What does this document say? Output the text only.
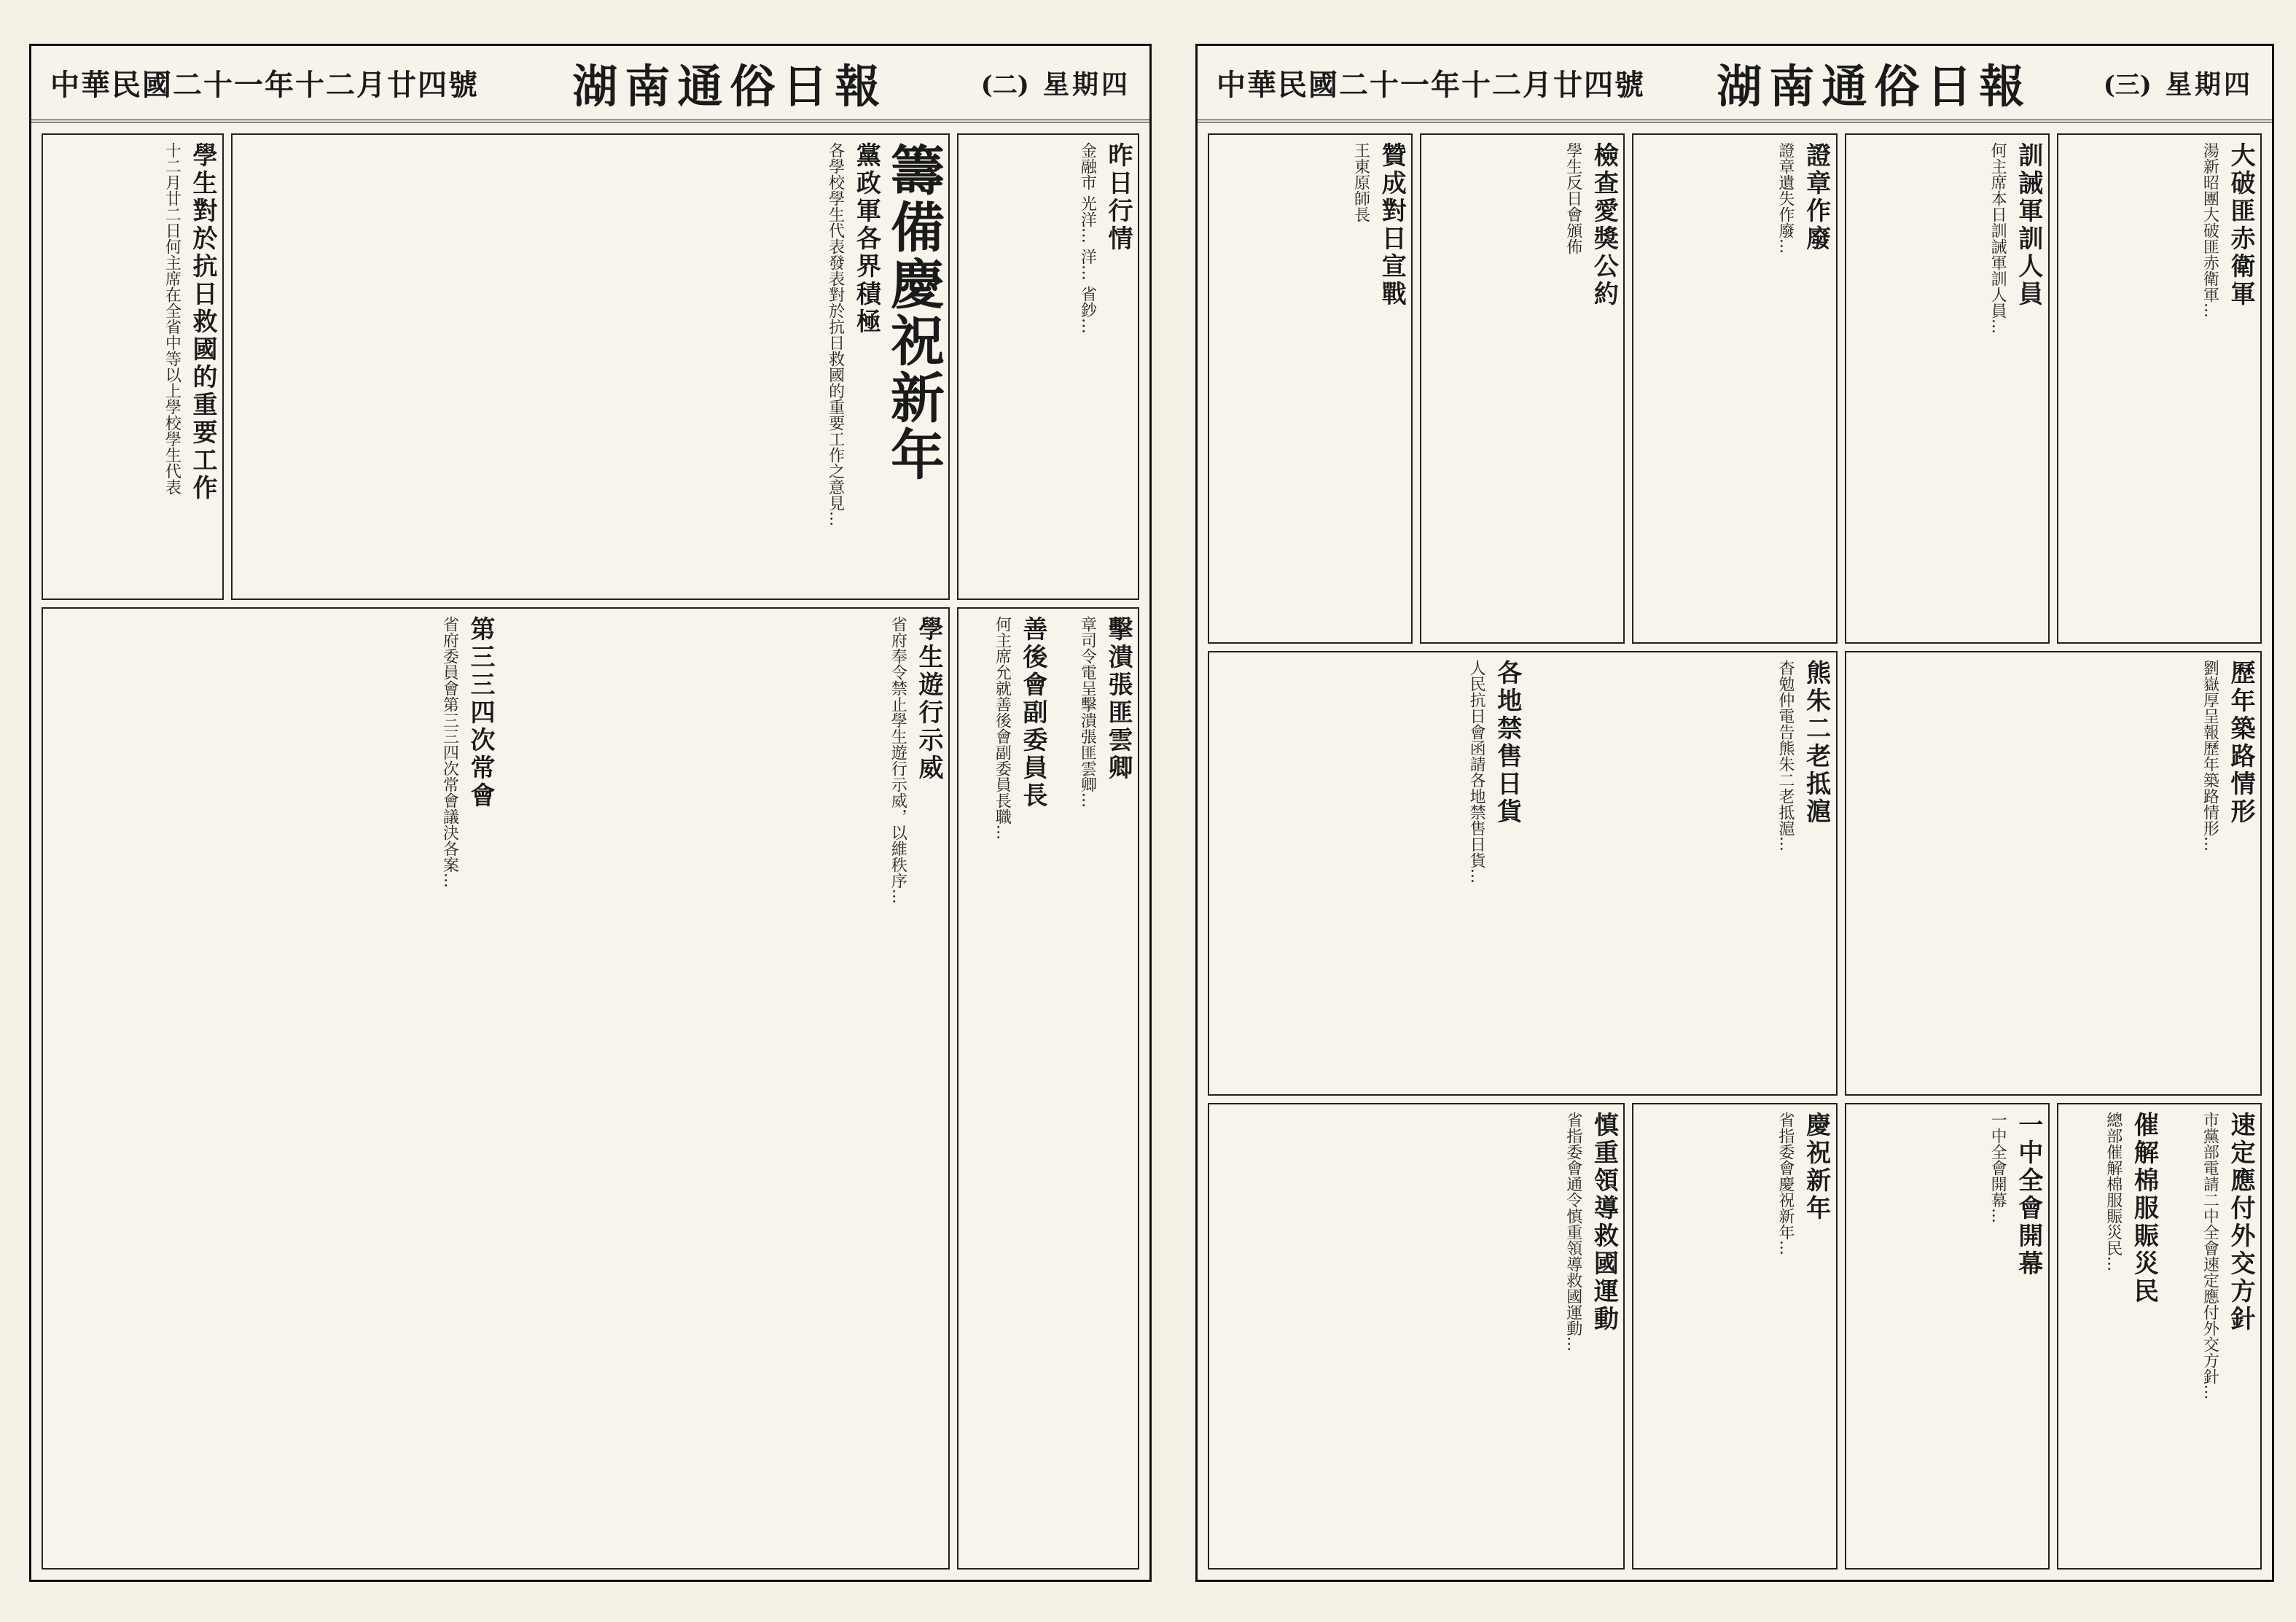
中華民國二十一年十二月廿四號 湖南通俗日報	(二) 星期四
學生對於抗日救國的重要工作
十二月廿二日何主席在全省中等以上學校學生代表	籌備慶祝新年
黨政軍各界積極
各學校學生代表發表對於抗日救國的重要工作之意見...	昨日行情
金融市 光洋… 洋… 省鈔…
學生遊行示威
省府奉令禁止學生遊行示威，以維秩序...
第三三四次常會
省府委員會第三三四次常會議決各案...	擊潰張匪雲卿
章司令電呈擊潰張匪雲卿...
善後會副委員長
何主席允就善後會副委員長職...
中華民國二十一年十二月廿四號 湖南通俗日報	(三) 星期四
贊成對日宣戰
王東原師長	檢查愛獎公約
學生反日會頒佈	證章作廢
證章遺失作廢...	訓誡軍訓人員
何主席本日訓誡軍訓人員...	大破匪赤衛軍
湯新昭團大破匪赤衛軍...
熊朱二老抵滬
杳勉仲電告熊朱二老抵滬...
各地禁售日貨
人民抗日會函請各地禁售日貨...	歷年築路情形
劉嶽厚呈報歷年築路情形...
慎重領導救國運動
省指委會通令慎重領導救國運動...	慶祝新年
省指委會慶祝新年...	一中全會開幕
一中全會開幕...	速定應付外交方針
市黨部電請二中全會速定應付外交方針...
催解棉服賑災民
總部催解棉服賑災民...
